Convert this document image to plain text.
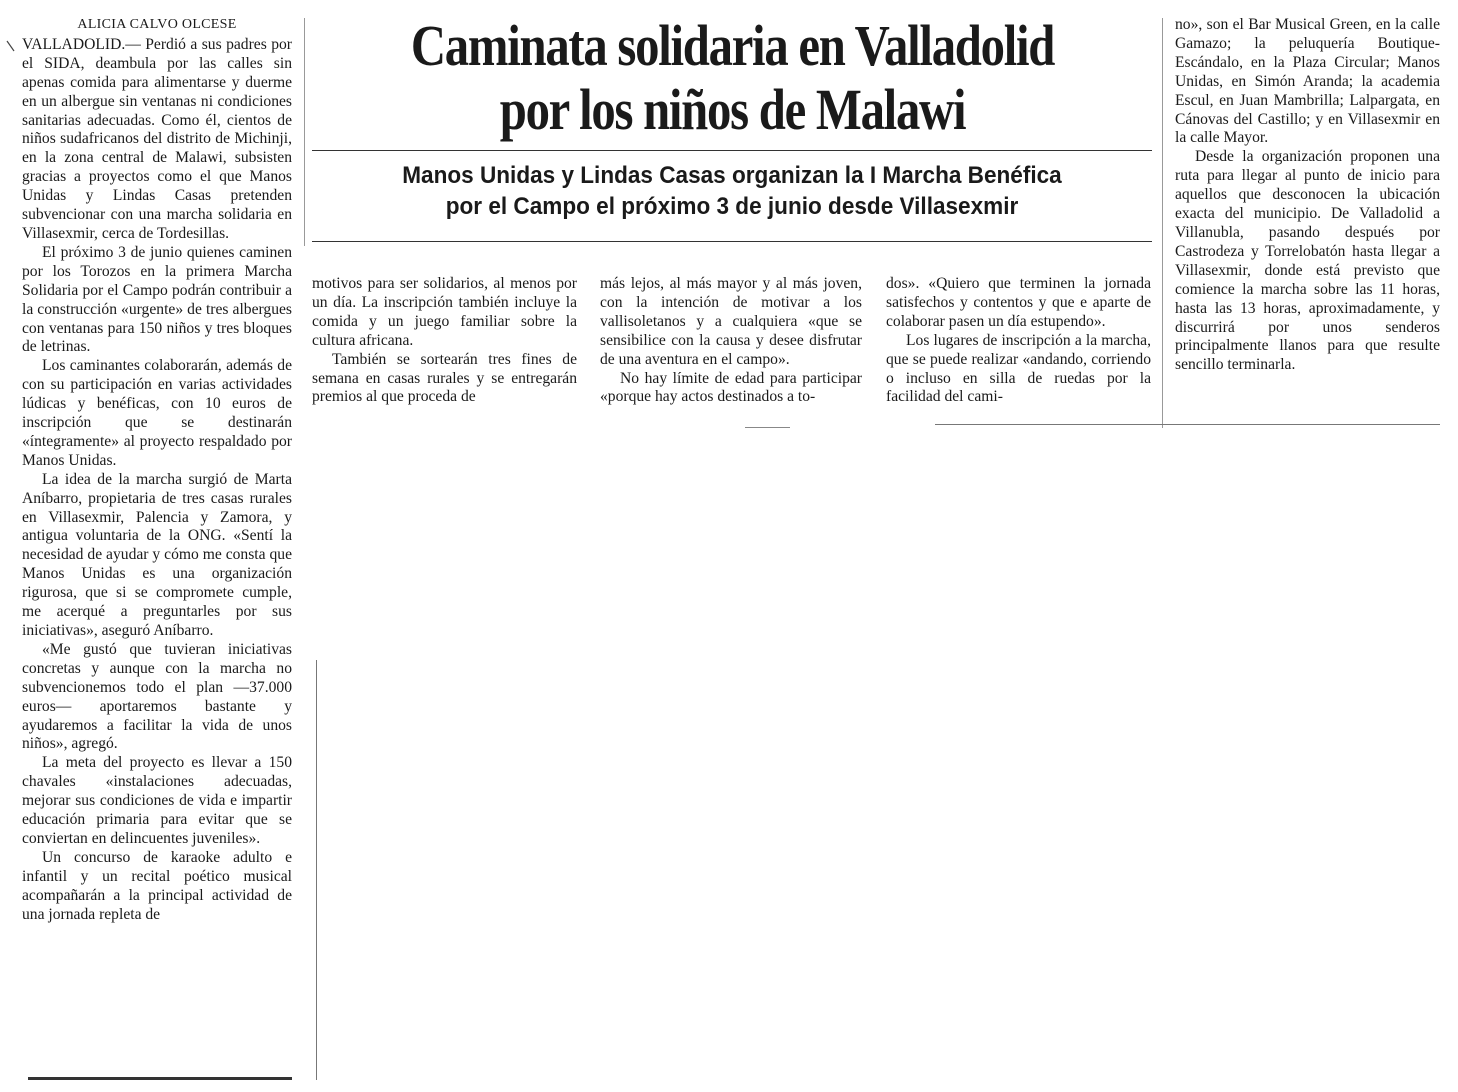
ALICIA CALVO OLCESE

VALLADOLID.— Perdió a sus padres por el SIDA, deambula por las calles sin apenas comida para alimentarse y duerme en un albergue sin ventanas ni condiciones sanitarias adecuadas. Como él, cientos de niños sudafricanos del distrito de Michinji, en la zona central de Malawi, subsisten gracias a proyectos como el que Manos Unidas y Lindas Casas pretenden subvencionar con una marcha solidaria en Villasexmir, cerca de Tordesillas.

El próximo 3 de junio quienes caminen por los Torozos en la primera Marcha Solidaria por el Campo podrán contribuir a la construcción «urgente» de tres albergues con ventanas para 150 niños y tres bloques de letrinas.

Los caminantes colaborarán, además de con su participación en varias actividades lúdicas y benéficas, con 10 euros de inscripción que se destinarán «íntegramente» al proyecto respaldado por Manos Unidas.

La idea de la marcha surgió de Marta Aníbarro, propietaria de tres casas rurales en Villasexmir, Palencia y Zamora, y antigua voluntaria de la ONG. «Sentí la necesidad de ayudar y cómo me consta que Manos Unidas es una organización rigurosa, que si se compromete cumple, me acerqué a preguntarles por sus iniciativas», aseguró Aníbarro.

«Me gustó que tuvieran iniciativas concretas y aunque con la marcha no subvencionemos todo el plan —37.000 euros— aportaremos bastante y ayudaremos a facilitar la vida de unos niños», agregó.

La meta del proyecto es llevar a 150 chavales «instalaciones adecuadas, mejorar sus condiciones de vida e impartir educación primaria para evitar que se conviertan en delincuentes juveniles».

Un concurso de karaoke adulto e infantil y un recital poético musical acompañarán a la principal actividad de una jornada repleta de

Caminata solidaria en Valladolid
por los niños de Malawi
Manos Unidas y Lindas Casas organizan la I Marcha Benéfica
por el Campo el próximo 3 de junio desde Villasexmir

motivos para ser solidarios, al menos por un día. La inscripción también incluye la comida y un juego familiar sobre la cultura africana.

También se sortearán tres fines de semana en casas rurales y se entregarán premios al que proceda de

más lejos, al más mayor y al más joven, con la intención de motivar a los vallisoletanos y a cualquiera «que se sensibilice con la causa y desee disfrutar de una aventura en el campo».

No hay límite de edad para participar «porque hay actos destinados a to-

dos». «Quiero que terminen la jornada satisfechos y contentos y que e aparte de colaborar pasen un día estupendo».

Los lugares de inscripción a la marcha, que se puede realizar «andando, corriendo o incluso en silla de ruedas por la facilidad del cami-

no», son el Bar Musical Green, en la calle Gamazo; la peluquería Boutique-Escándalo, en la Plaza Circular; Manos Unidas, en Simón Aranda; la academia Escul, en Juan Mambrilla; Lalpargata, en Cánovas del Castillo; y en Villasexmir en la calle Mayor.

Desde la organización proponen una ruta para llegar al punto de inicio para aquellos que desconocen la ubicación exacta del municipio. De Valladolid a Villanubla, pasando después por Castrodeza y Torrelobatón hasta llegar a Villasexmir, donde está previsto que comience la marcha sobre las 11 horas, hasta las 13 horas, aproximadamente, y discurrirá por unos senderos principalmente llanos para que resulte sencillo terminarla.
